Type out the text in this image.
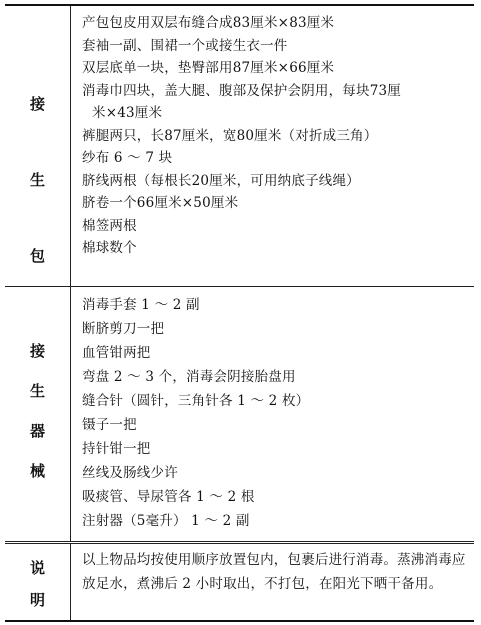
接
生
包
产包包皮用双层布缝合成83厘米×83厘米
套袖一副、围裙一个或接生衣一件
双层底单一块，垫臀部用87厘米×66厘米
消毒巾四块，盖大腿、腹部及保护会阴用，每块73厘
米×43厘米
裤腿两只，长87厘米，宽80厘米（对折成三角）
纱布 6 ～ 7 块
脐线两根（每根长20厘米，可用纳底子线绳）
脐卷一个66厘米×50厘米
棉签两根
棉球数个
接
生
器
械
消毒手套 1 ～ 2 副
断脐剪刀一把
血管钳两把
弯盘 2 ～ 3 个，消毒会阴接胎盘用
缝合针（圆针，三角针各 1 ～ 2 枚）
镊子一把
持针钳一把
丝线及肠线少许
吸痰管、导尿管各 1 ～ 2 根
注射器（5毫升） 1 ～ 2 副
说
明
以上物品均按使用顺序放置包内，包裹后进行消毒。蒸沸消毒应放足水，煮沸后 2 小时取出，不打包，在阳光下晒干备用。
